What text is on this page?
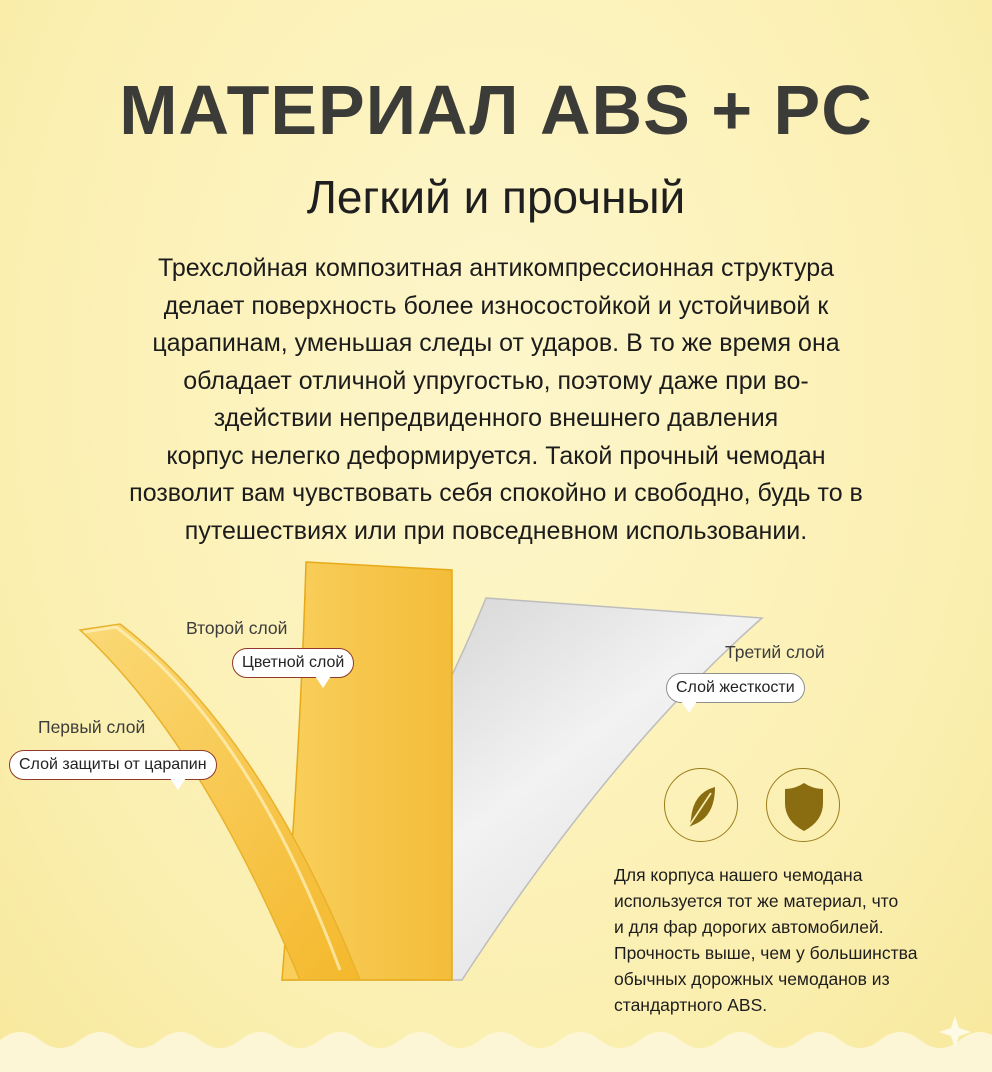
МАТЕРИАЛ ABS + PC
Легкий и прочный
Трехслойная композитная антикомпрессионная структура
делает поверхность более износостойкой и устойчивой к
царапинам, уменьшая следы от ударов. В то же время она
обладает отличной упругостью, поэтому даже при во-
здействии непредвиденного внешнего давления
корпус нелегко деформируется. Такой прочный чемодан
позволит вам чувствовать себя спокойно и свободно, будь то в
путешествиях или при повседневном использовании.
Второй слой
Цветной слой
Первый слой
Слой защиты от царапин
Третий слой
Слой жесткости
Для корпуса нашего чемодана
используется тот же материал, что
и для фар дорогих автомобилей.
Прочность выше, чем у большинства
обычных дорожных чемоданов из
стандартного ABS.
